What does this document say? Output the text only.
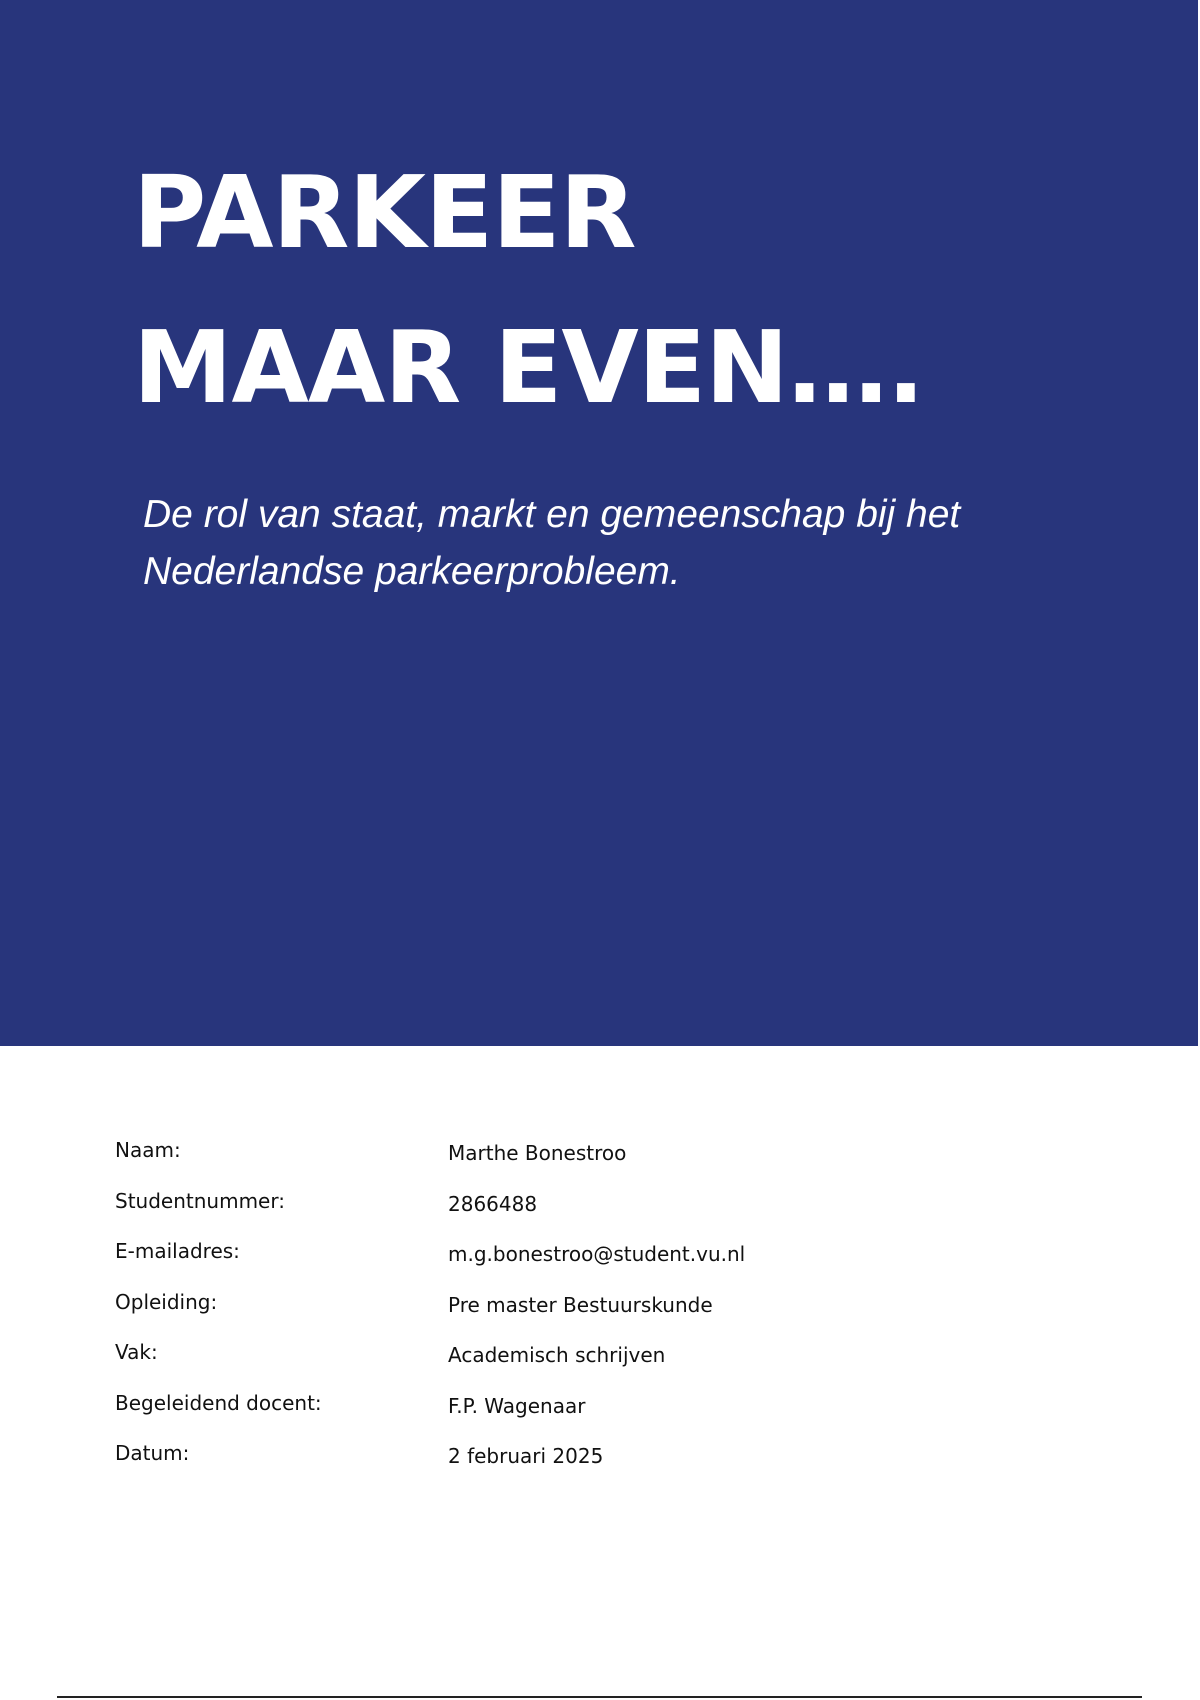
PARKEER
MAAR EVEN….

De rol van staat, markt en gemeenschap bij het Nederlandse parkeerprobleem.

Naam:	Marthe Bonestroo
Studentnummer:	2866488
E-mailadres:	m.g.bonestroo@student.vu.nl
Opleiding:	Pre master Bestuurskunde
Vak:	Academisch schrijven
Begeleidend docent:	F.P. Wagenaar
Datum:	2 februari 2025
